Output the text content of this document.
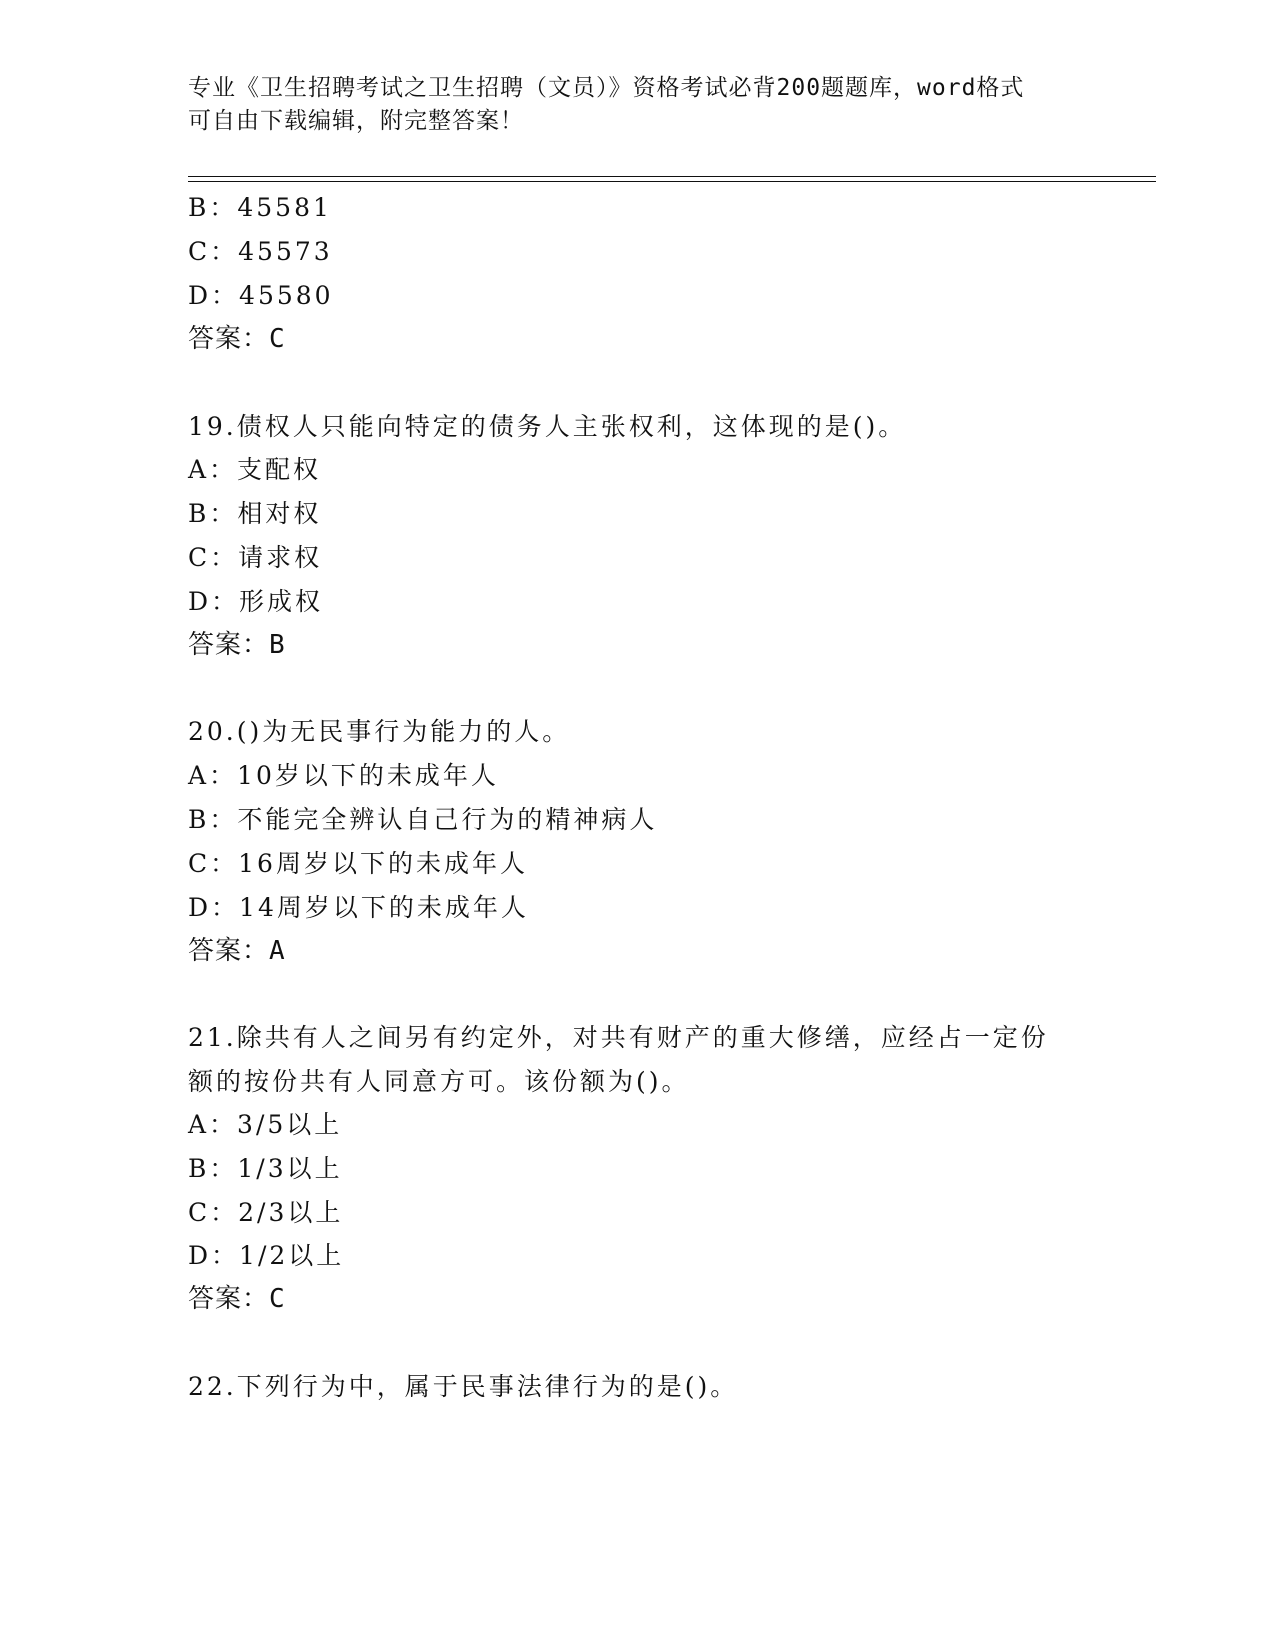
专业《卫生招聘考试之卫生招聘（文员）》资格考试必背200题题库，word格式
可自由下载编辑，附完整答案！
B：45581
C：45573
D：45580
答案：C
19.债权人只能向特定的债务人主张权利，这体现的是()。
A：支配权
B：相对权
C：请求权
D：形成权
答案：B
20.()为无民事行为能力的人。
A：10岁以下的未成年人
B：不能完全辨认自己行为的精神病人
C：16周岁以下的未成年人
D：14周岁以下的未成年人
答案：A
21.除共有人之间另有约定外，对共有财产的重大修缮，应经占一定份
额的按份共有人同意方可。该份额为()。
A：3/5以上
B：1/3以上
C：2/3以上
D：1/2以上
答案：C
22.下列行为中，属于民事法律行为的是()。
